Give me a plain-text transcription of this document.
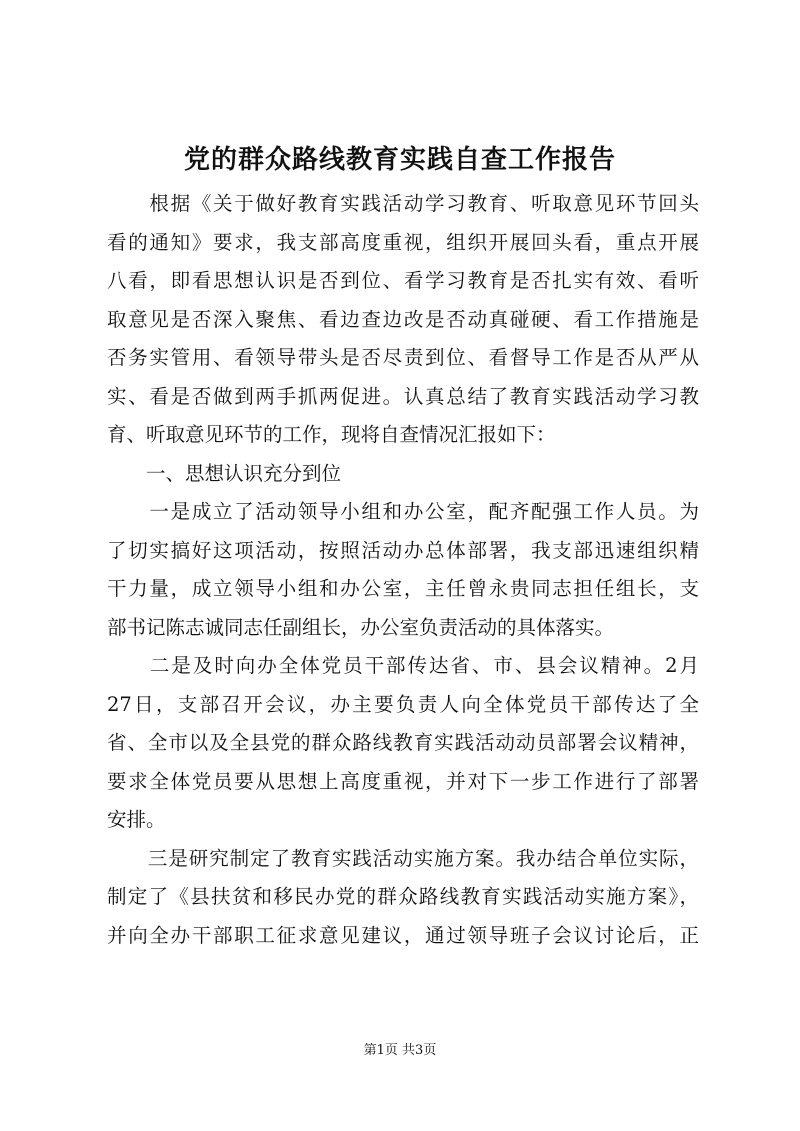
党的群众路线教育实践自查工作报告
　　根据《关于做好教育实践活动学习教育、听取意见环节回头
看的通知》要求，我支部高度重视，组织开展回头看，重点开展
八看，即看思想认识是否到位、看学习教育是否扎实有效、看听
取意见是否深入聚焦、看边查边改是否动真碰硬、看工作措施是
否务实管用、看领导带头是否尽责到位、看督导工作是否从严从
实、看是否做到两手抓两促进。认真总结了教育实践活动学习教
育、听取意见环节的工作，现将自查情况汇报如下：
　　一、思想认识充分到位
　　一是成立了活动领导小组和办公室，配齐配强工作人员。为
了切实搞好这项活动，按照活动办总体部署，我支部迅速组织精
干力量，成立领导小组和办公室，主任曾永贵同志担任组长，支
部书记陈志诚同志任副组长，办公室负责活动的具体落实。
　　二是及时向办全体党员干部传达省、市、县会议精神。2月
27日，支部召开会议，办主要负责人向全体党员干部传达了全
省、全市以及全县党的群众路线教育实践活动动员部署会议精神，
要求全体党员要从思想上高度重视，并对下一步工作进行了部署
安排。
　　三是研究制定了教育实践活动实施方案。我办结合单位实际，
制定了《县扶贫和移民办党的群众路线教育实践活动实施方案》，
并向全办干部职工征求意见建议，通过领导班子会议讨论后，正
第1页 共3页
